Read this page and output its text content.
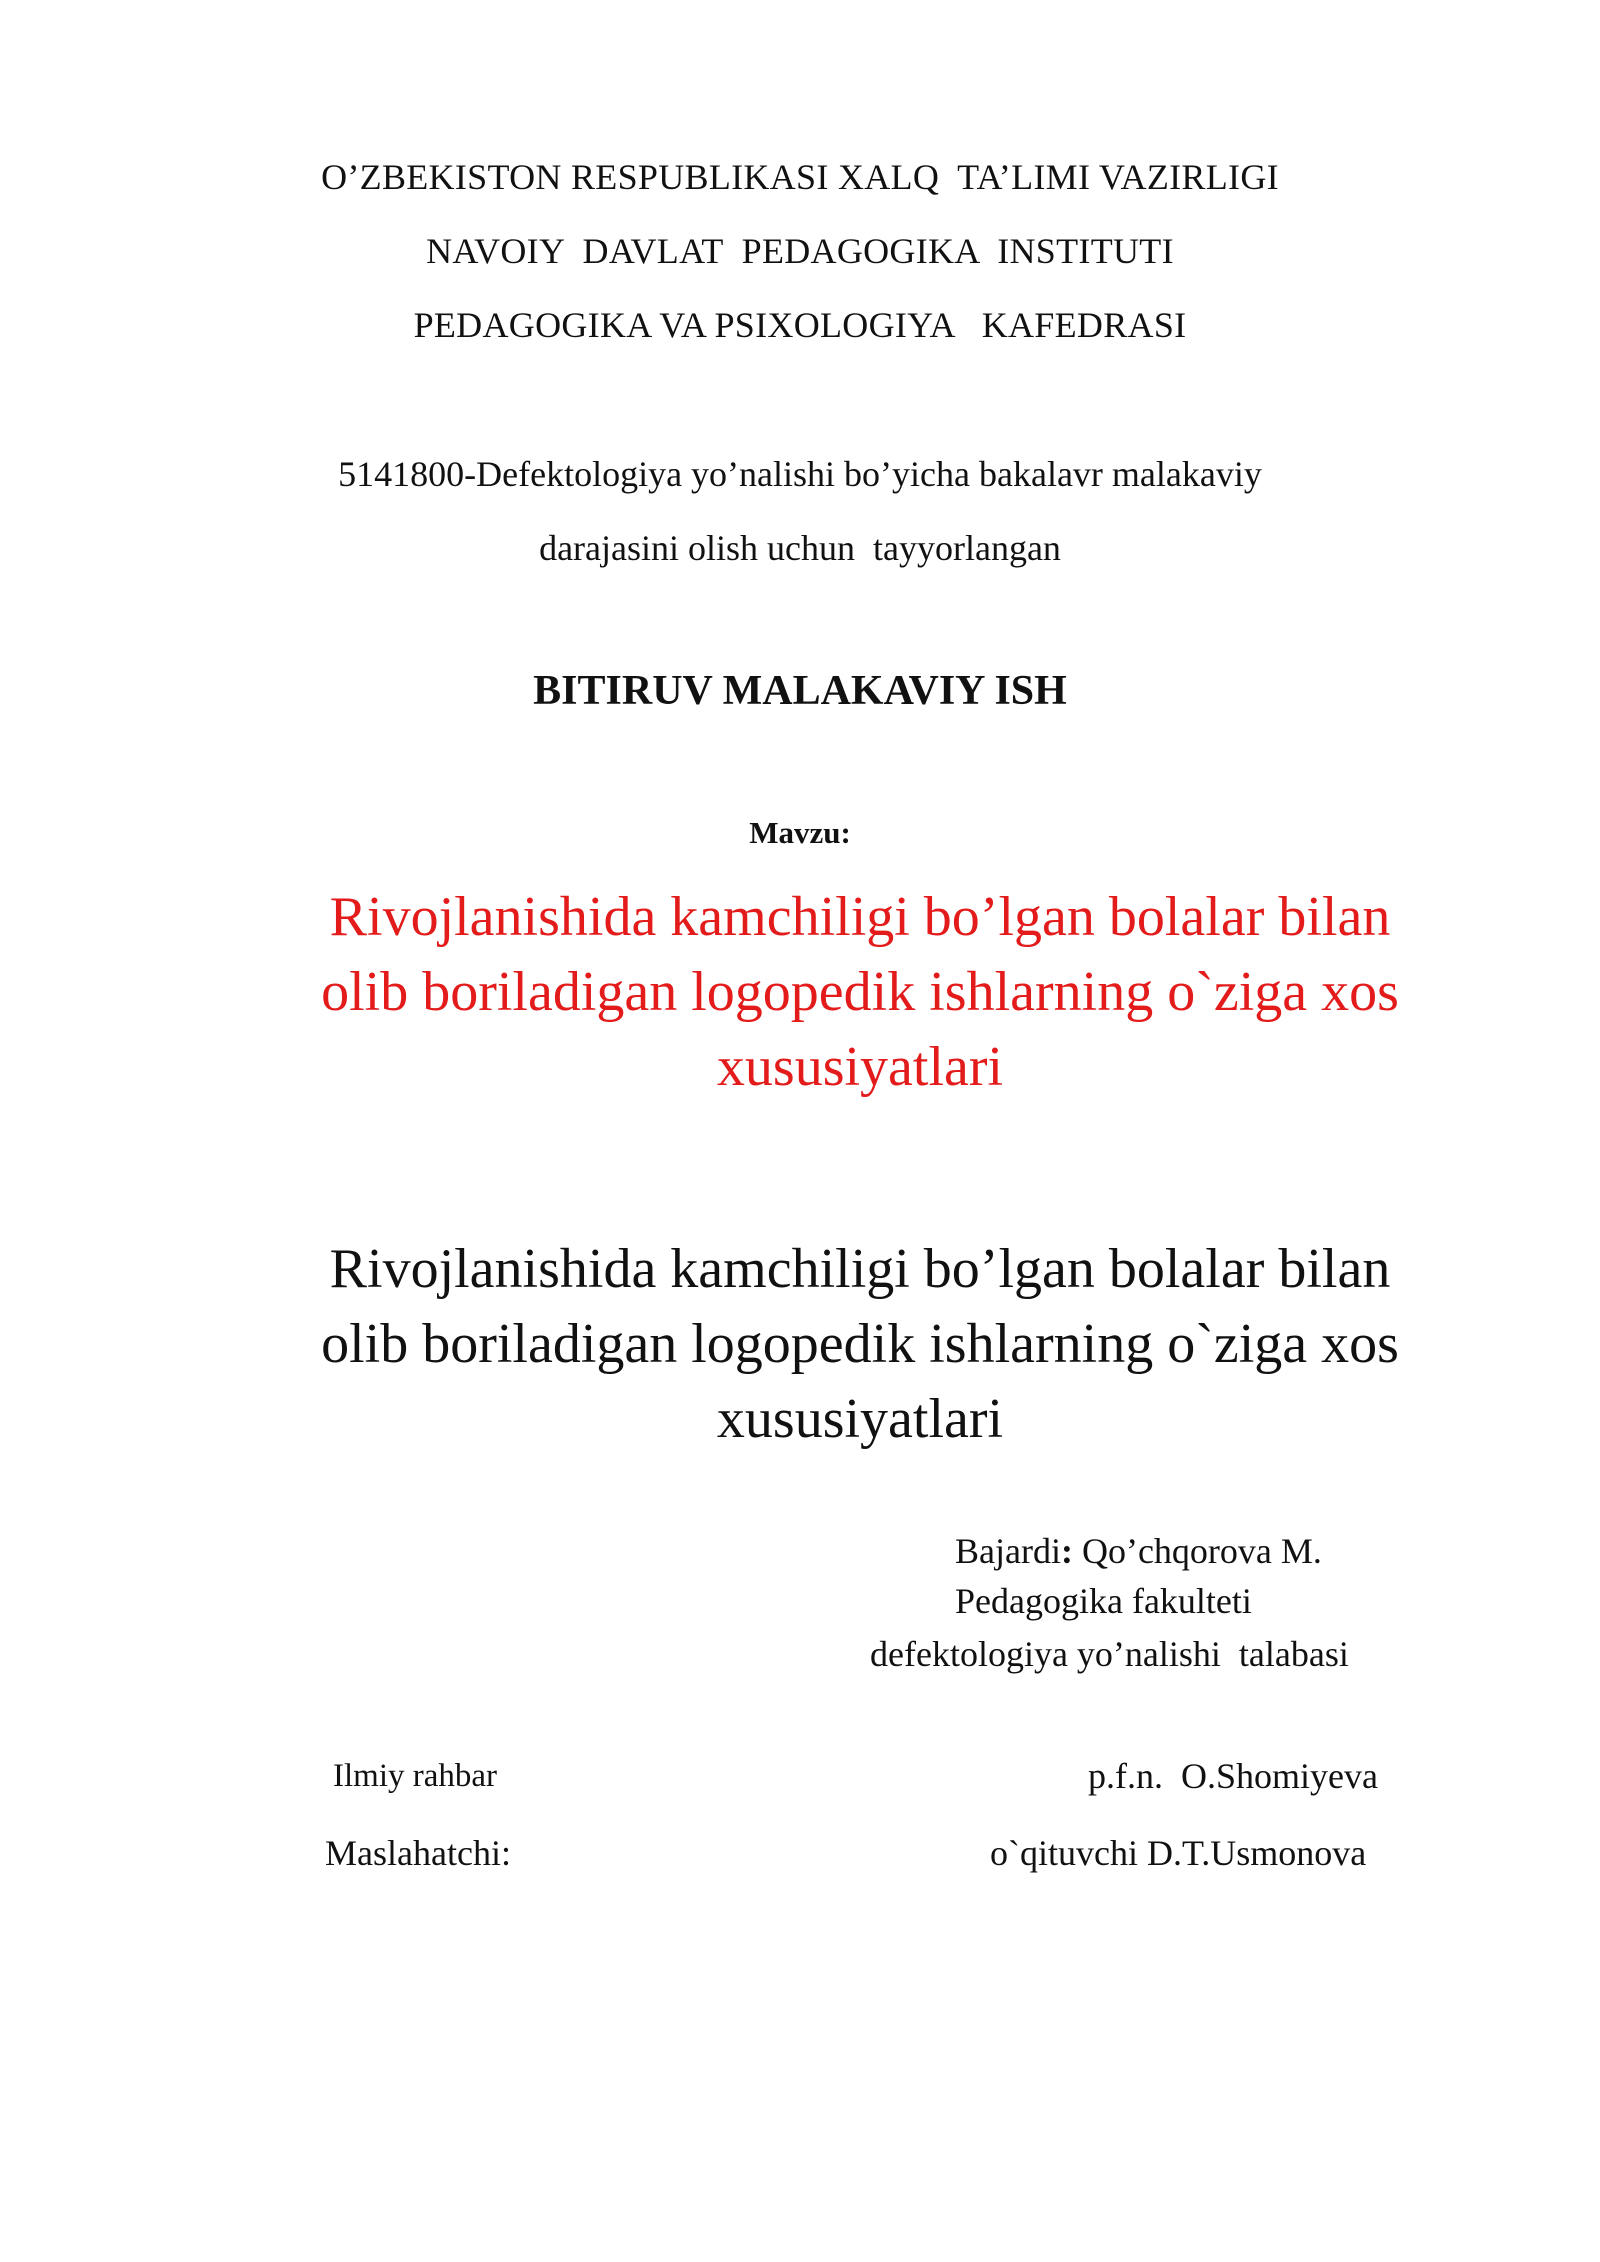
O’ZBEKISTON RESPUBLIKASI XALQ  TA’LIMI VAZIRLIGI
NAVOIY  DAVLAT  PEDAGOGIKA  INSTITUTI
PEDAGOGIKA VA PSIXOLOGIYA   KAFEDRASI
5141800-Defektologiya yo’nalishi bo’yicha bakalavr malakaviy
darajasini olish uchun  tayyorlangan
BITIRUV MALAKAVIY ISH
Mavzu:
Rivojlanishida kamchiligi bo’lgan bolalar bilan
olib boriladigan logopedik ishlarning o`ziga xos
xususiyatlari
Rivojlanishida kamchiligi bo’lgan bolalar bilan
olib boriladigan logopedik ishlarning o`ziga xos
xususiyatlari
Bajardi: Qo’chqorova M.
Pedagogika fakulteti
defektologiya yo’nalishi  talabasi
Ilmiy rahbar	p.f.n.  O.Shomiyeva
Maslahatchi:	o`qituvchi D.T.Usmonova
